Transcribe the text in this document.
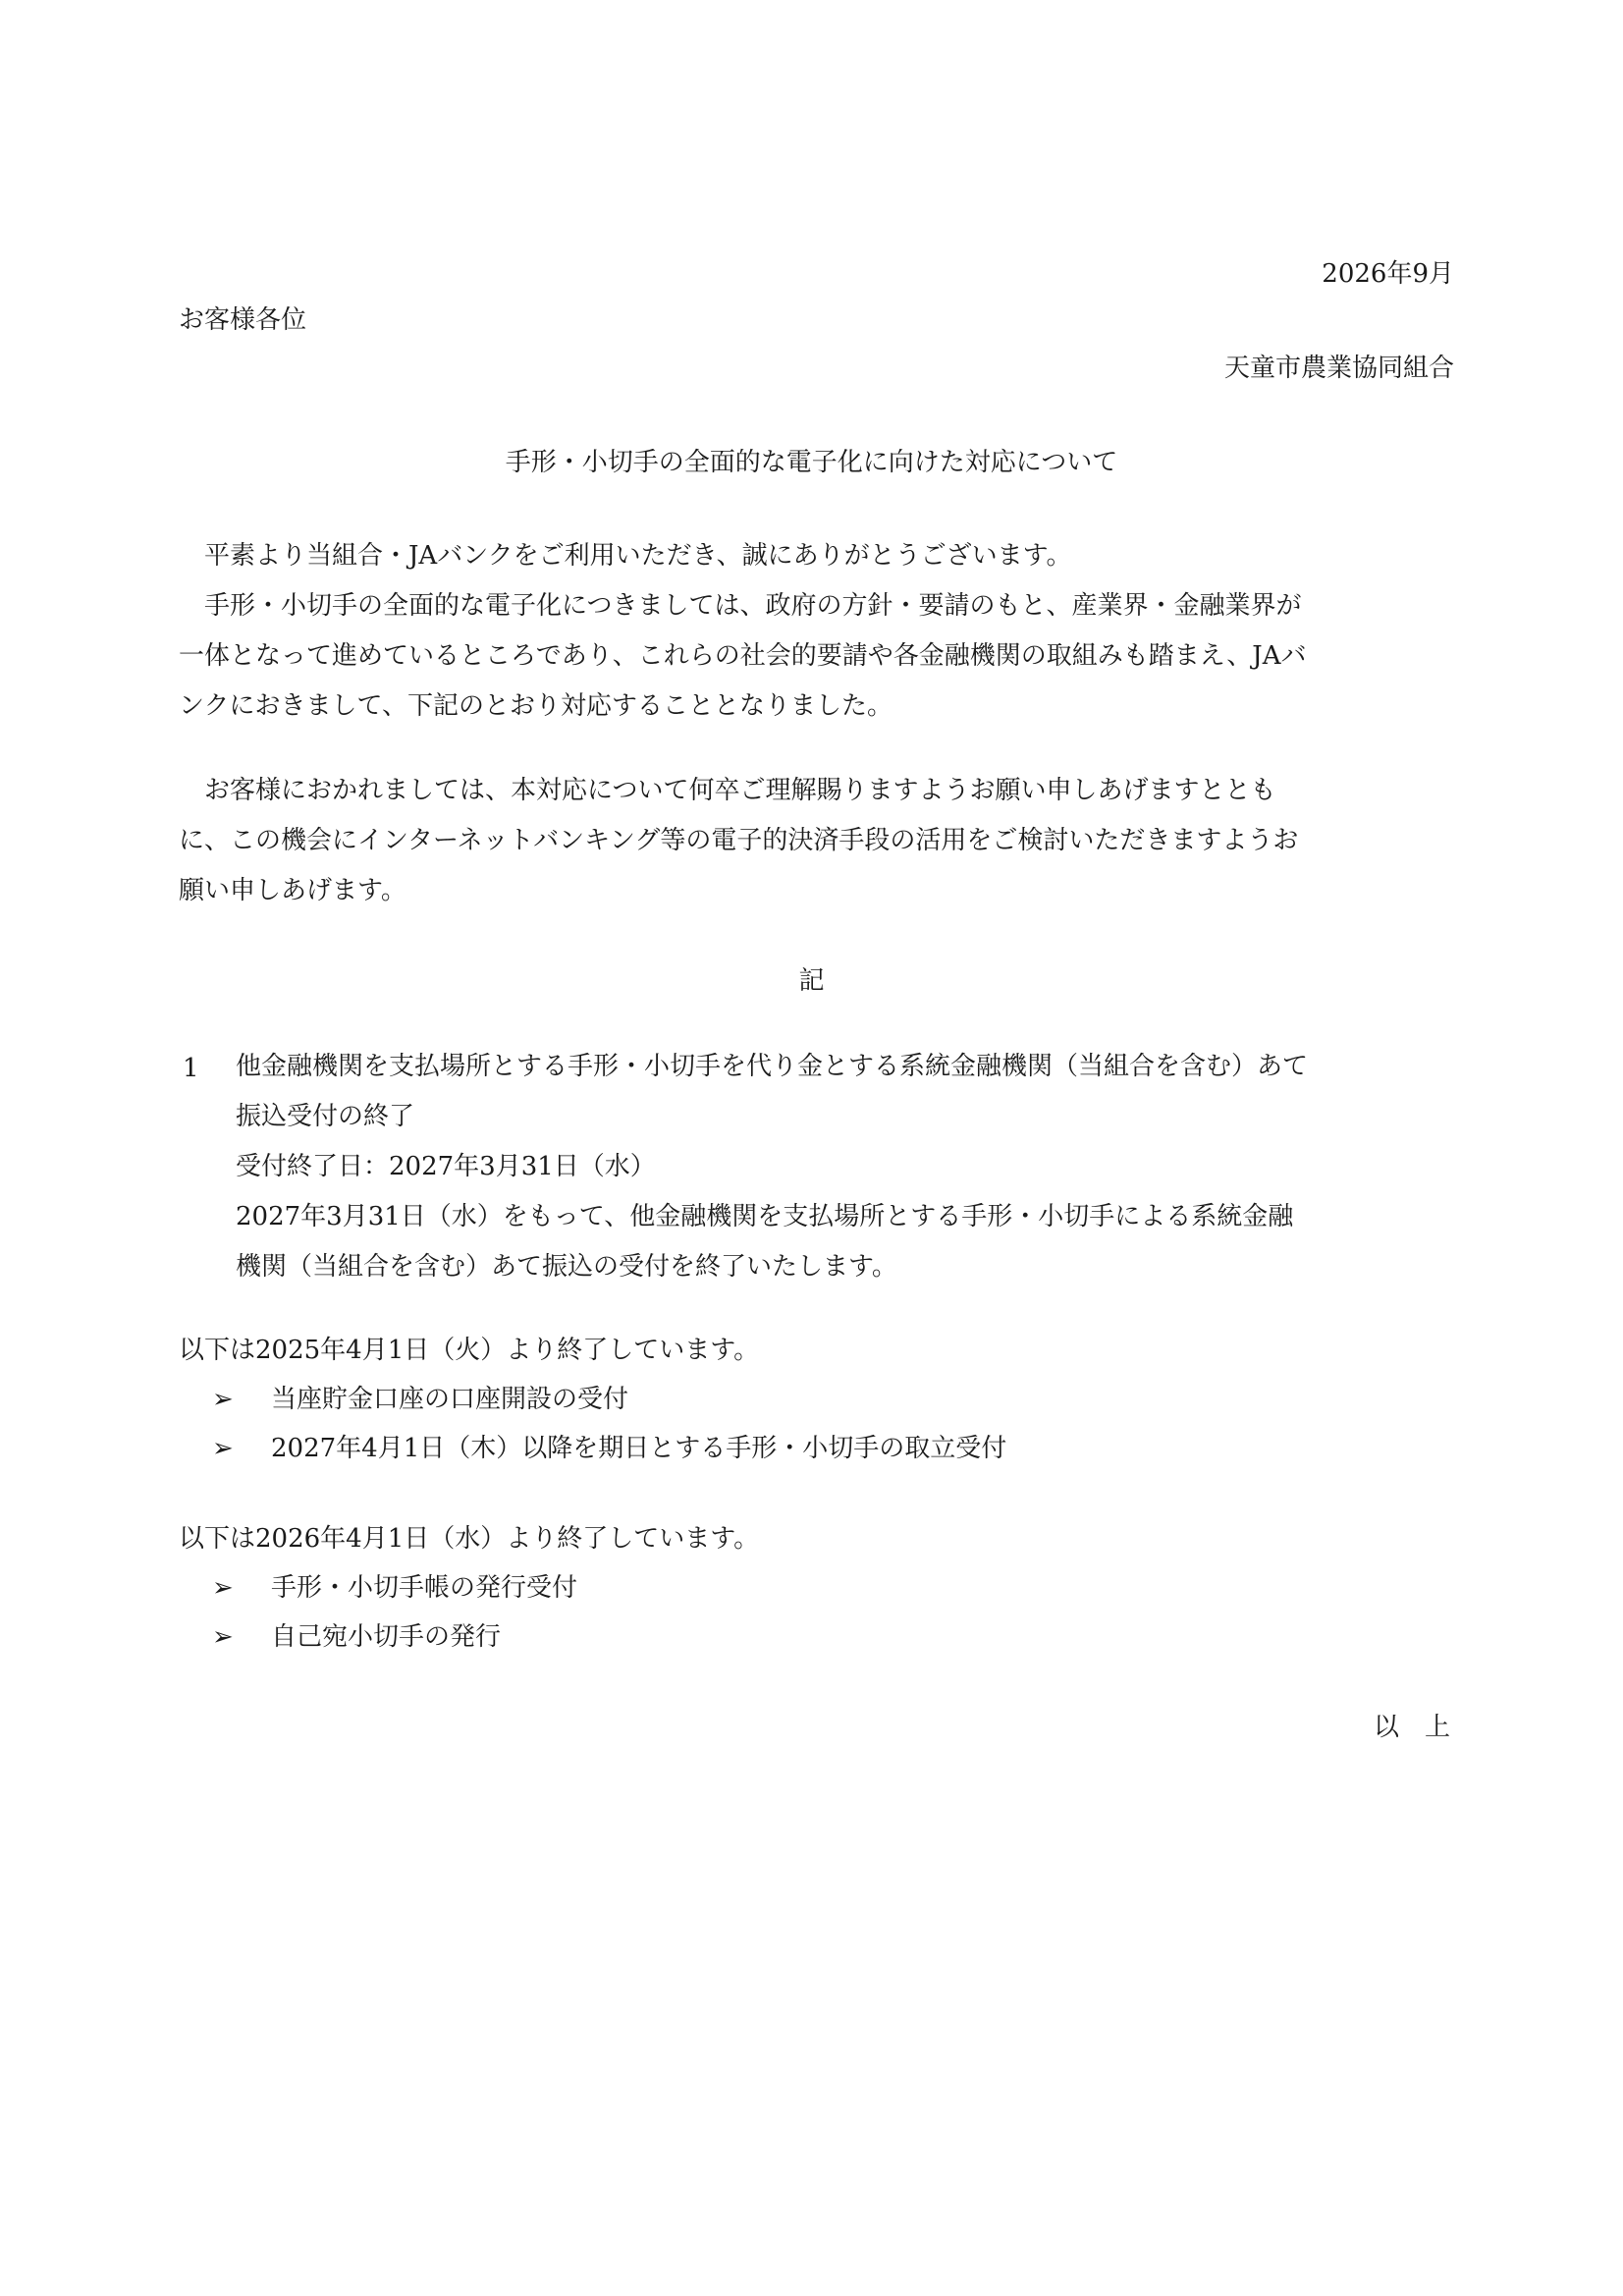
2026年9月
お客様各位
天童市農業協同組合
手形・小切手の全面的な電子化に向けた対応について

平素より当組合・JAバンクをご利用いただき、誠にありがとうございます。

手形・小切手の全面的な電子化につきましては、政府の方針・要請のもと、産業界・金融業界が

一体となって進めているところであり、これらの社会的要請や各金融機関の取組みも踏まえ、JAバ

ンクにおきまして、下記のとおり対応することとなりました。

お客様におかれましては、本対応について何卒ご理解賜りますようお願い申しあげますととも

に、この機会にインターネットバンキング等の電子的決済手段の活用をご検討いただきますようお

願い申しあげます。

記
1 他金融機関を支払場所とする手形・小切手を代り金とする系統金融機関（当組合を含む）あて

振込受付の終了

受付終了日：2027年3月31日（水）

2027年3月31日（水）をもって、他金融機関を支払場所とする手形・小切手による系統金融

機関（当組合を含む）あて振込の受付を終了いたします。

以下は2025年4月1日（火）より終了しています。
➢ 当座貯金口座の口座開設の受付
➢ 2027年4月1日（木）以降を期日とする手形・小切手の取立受付
以下は2026年4月1日（水）より終了しています。
➢ 手形・小切手帳の発行受付
➢ 自己宛小切手の発行
以　上
